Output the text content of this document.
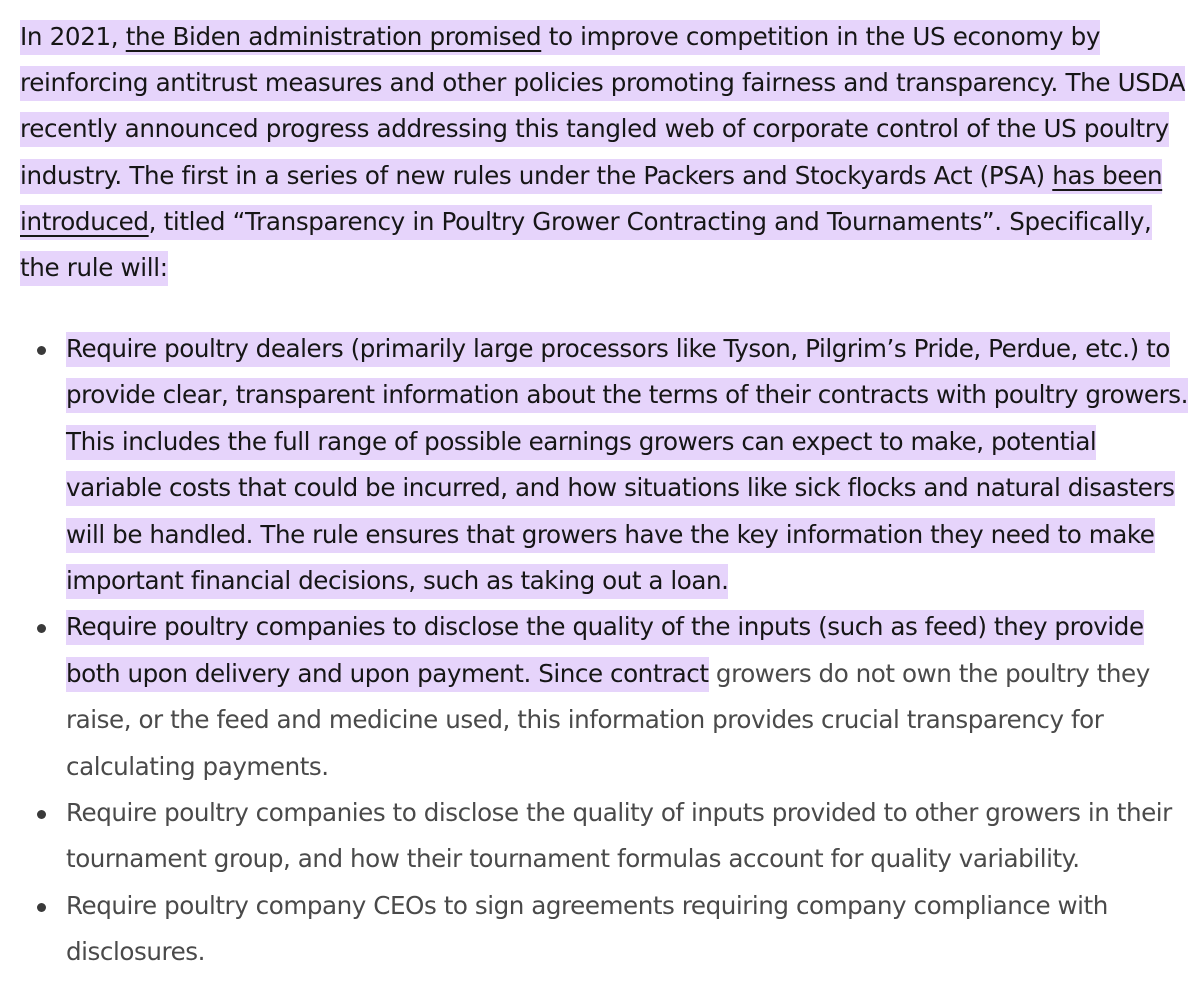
In 2021, the Biden administration promised to improve competition in the US economy by reinforcing antitrust measures and other policies promoting fairness and transparency. The USDA recently announced progress addressing this tangled web of corporate control of the US poultry industry. The first in a series of new rules under the Packers and Stockyards Act (PSA) has been introduced, titled “Transparency in Poultry Grower Contracting and Tournaments”. Specifically, the rule will:

Require poultry dealers (primarily large processors like Tyson, Pilgrim’s Pride, Perdue, etc.) to provide clear, transparent information about the terms of their contracts with poultry growers. This includes the full range of possible earnings growers can expect to make, potential variable costs that could be incurred, and how situations like sick flocks and natural disasters will be handled. The rule ensures that growers have the key information they need to make important financial decisions, such as taking out a loan.
Require poultry companies to disclose the quality of the inputs (such as feed) they provide both upon delivery and upon payment. Since contract growers do not own the poultry they raise, or the feed and medicine used, this information provides crucial transparency for calculating payments.
Require poultry companies to disclose the quality of inputs provided to other growers in their tournament group, and how their tournament formulas account for quality variability.
Require poultry company CEOs to sign agreements requiring company compliance with disclosures.
